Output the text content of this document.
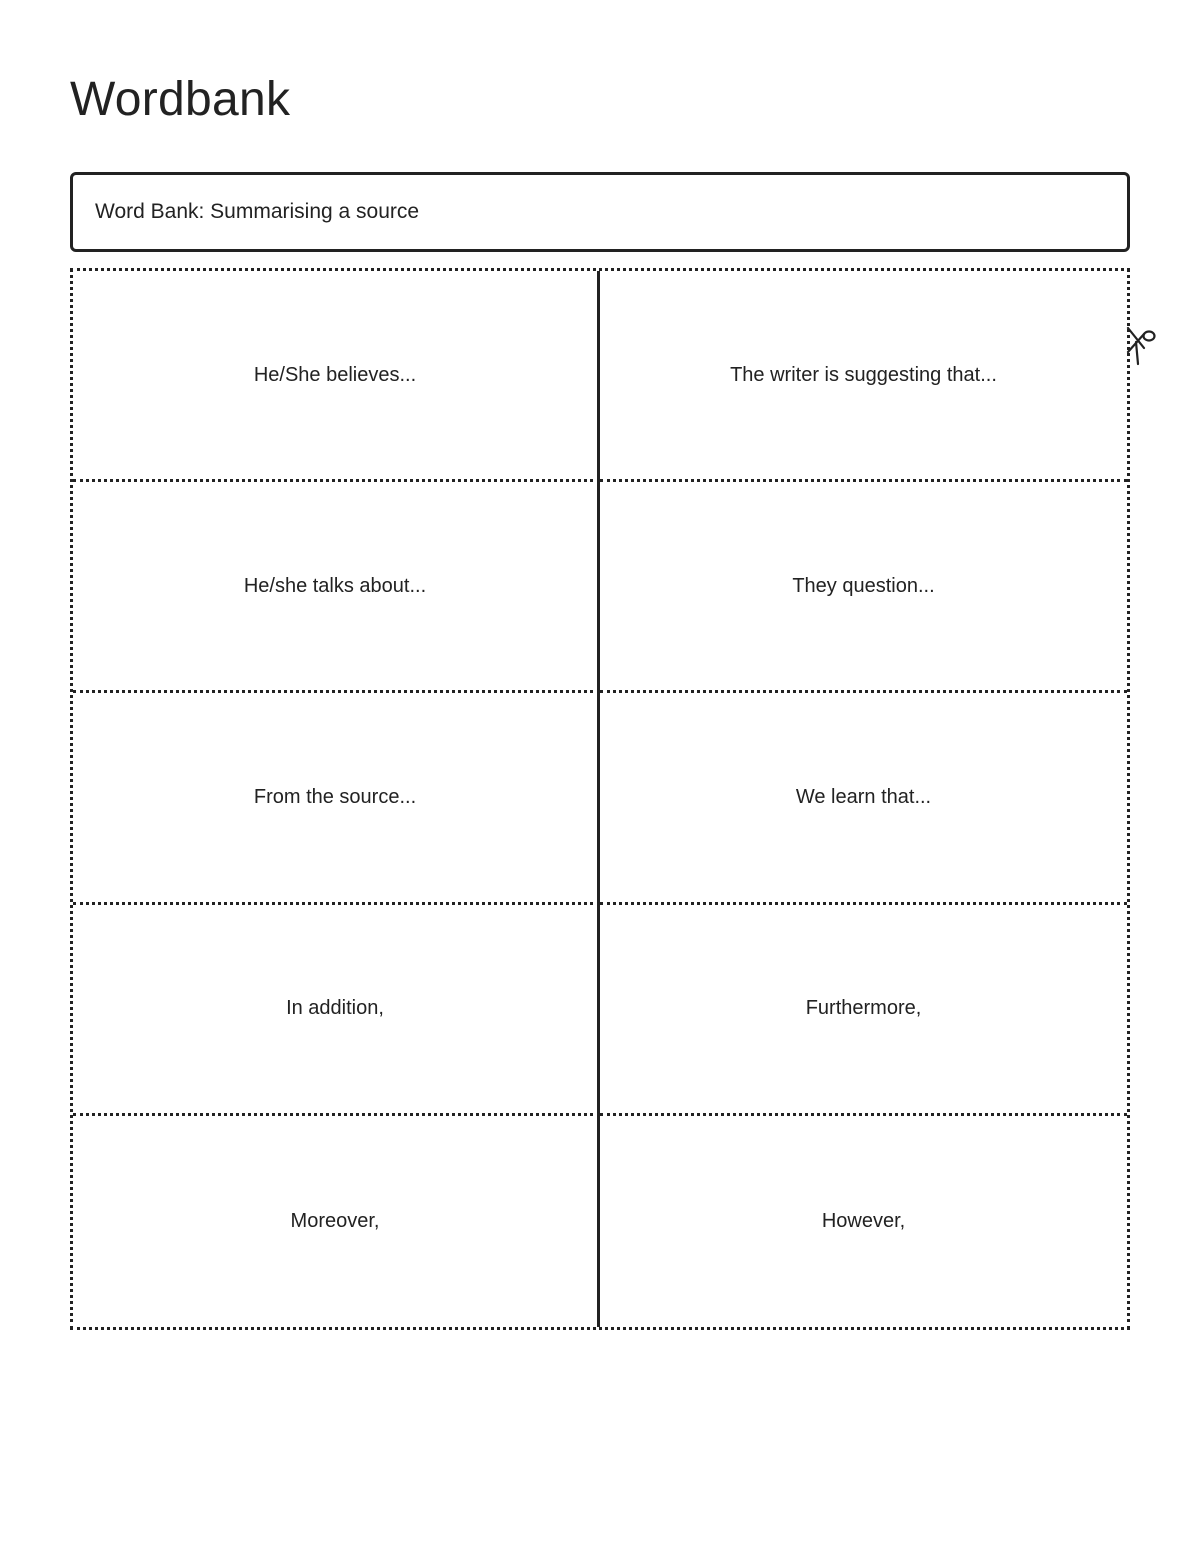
Wordbank
Word Bank: Summarising a source
He/She believes...	The writer is suggesting that...
He/she talks about...	They question...
From the source...	We learn that...
In addition,	Furthermore,
Moreover,	However,
